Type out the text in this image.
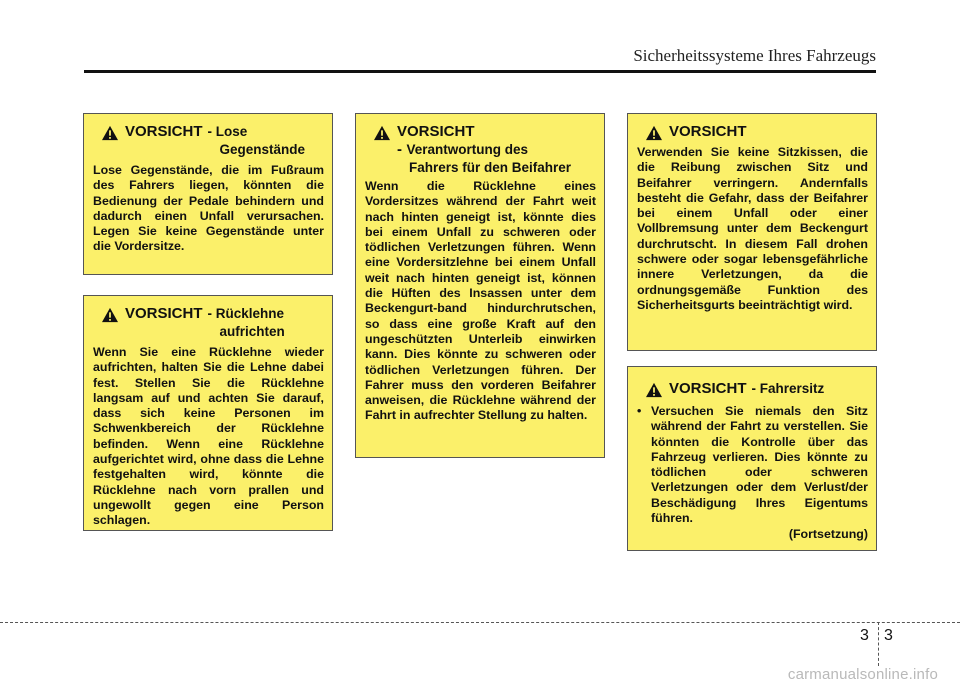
Sicherheitssysteme Ihres Fahrzeugs
VORSICHT - Lose
Gegenstände
Lose Gegenstände, die im Fußraum des Fahrers liegen, könnten die Bedienung der Pedale behindern und dadurch einen Unfall verursachen. Legen Sie keine Gegenstände unter die Vordersitze.
VORSICHT - Rücklehne
aufrichten
Wenn Sie eine Rücklehne wieder aufrichten, halten Sie die Lehne dabei fest. Stellen Sie die Rücklehne langsam auf und achten Sie darauf, dass sich keine Personen im Schwenkbereich der Rücklehne befinden. Wenn eine Rücklehne aufgerichtet wird, ohne dass die Lehne festgehalten wird, könnte die Rücklehne nach vorn prallen und ungewollt gegen eine Person schlagen.
VORSICHT
- Verantwortung des
Fahrers für den Beifahrer
Wenn die Rücklehne eines Vordersitzes während der Fahrt weit nach hinten geneigt ist, könnte dies bei einem Unfall zu schweren oder tödlichen Verletzungen führen. Wenn eine Vordersitzlehne bei einem Unfall weit nach hinten geneigt ist, können die Hüften des Insassen unter dem Beckengurt-band hindurchrutschen, so dass eine große Kraft auf den ungeschützten Unterleib einwirken kann. Dies könnte zu schweren oder tödlichen Verletzungen führen. Der Fahrer muss den vorderen Beifahrer anweisen, die Rücklehne während der Fahrt in aufrechter Stellung zu halten.
VORSICHT
Verwenden Sie keine Sitzkissen, die die Reibung zwischen Sitz und Beifahrer verringern. Andernfalls besteht die Gefahr, dass der Beifahrer bei einem Unfall oder einer Vollbremsung unter dem Beckengurt durchrutscht. In diesem Fall drohen schwere oder sogar lebensgefährliche innere Verletzungen, da die ordnungsgemäße Funktion des Sicherheitsgurts beeinträchtigt wird.
VORSICHT - Fahrersitz
• Versuchen Sie niemals den Sitz während der Fahrt zu verstellen. Sie könnten die Kontrolle über das Fahrzeug verlieren. Dies könnte zu tödlichen oder schweren Verletzungen oder dem Verlust/der Beschädigung Ihres Eigentums führen.
(Fortsetzung)
3 3
carmanualsonline.info
